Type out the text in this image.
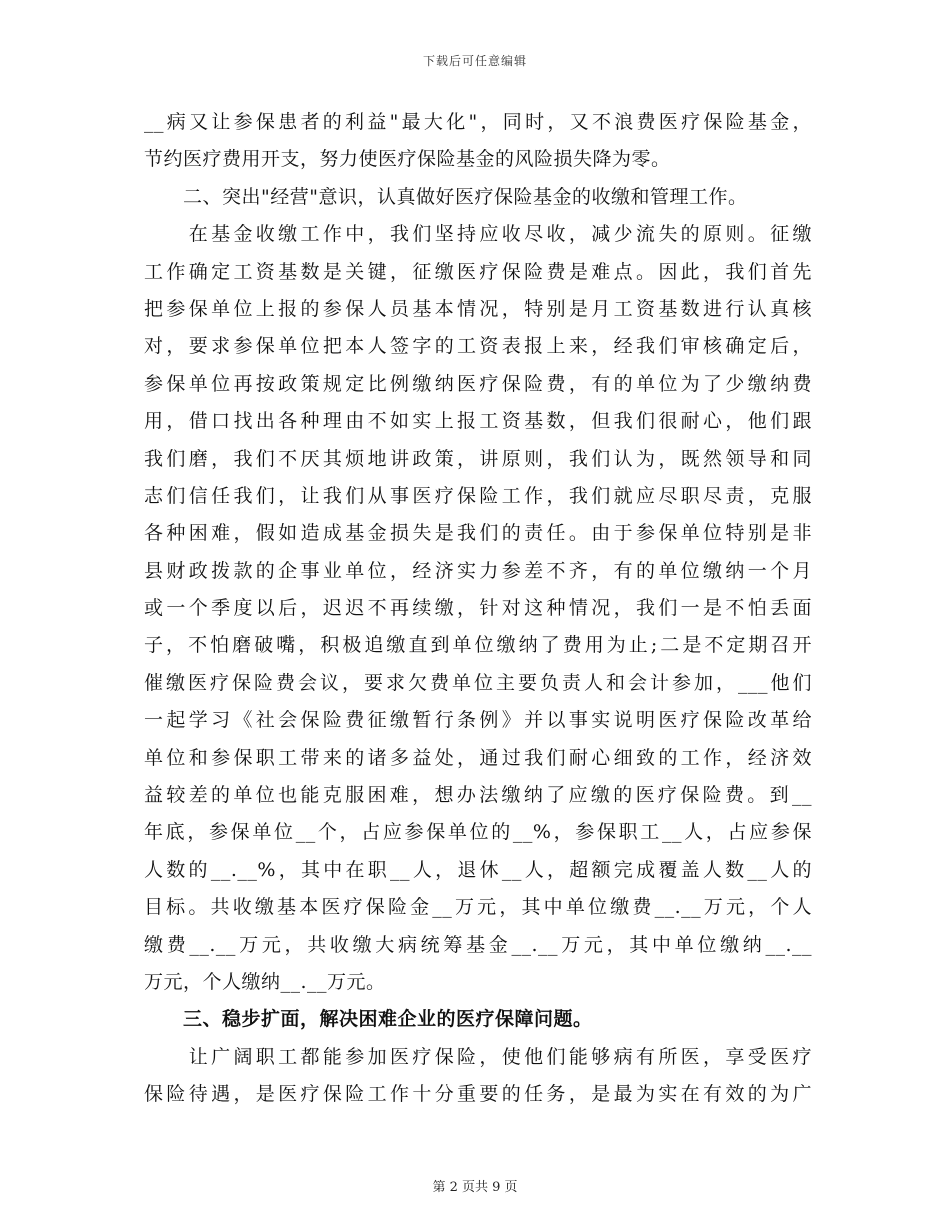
下载后可任意编辑
__病又让参保患者的利益"最大化"，同时，又不浪费医疗保险基金，
节约医疗费用开支，努力使医疗保险基金的风险损失降为零。
　　二、突出"经营"意识，认真做好医疗保险基金的收缴和管理工作。
　　在基金收缴工作中，我们坚持应收尽收，减少流失的原则。征缴
工作确定工资基数是关键，征缴医疗保险费是难点。因此，我们首先
把参保单位上报的参保人员基本情况，特别是月工资基数进行认真核
对，要求参保单位把本人签字的工资表报上来，经我们审核确定后，
参保单位再按政策规定比例缴纳医疗保险费，有的单位为了少缴纳费
用，借口找出各种理由不如实上报工资基数，但我们很耐心，他们跟
我们磨，我们不厌其烦地讲政策，讲原则，我们认为，既然领导和同
志们信任我们，让我们从事医疗保险工作，我们就应尽职尽责，克服
各种困难，假如造成基金损失是我们的责任。由于参保单位特别是非
县财政拨款的企事业单位，经济实力参差不齐，有的单位缴纳一个月
或一个季度以后，迟迟不再续缴，针对这种情况，我们一是不怕丢面
子，不怕磨破嘴，积极追缴直到单位缴纳了费用为止;二是不定期召开
催缴医疗保险费会议，要求欠费单位主要负责人和会计参加，___他们
一起学习《社会保险费征缴暂行条例》并以事实说明医疗保险改革给
单位和参保职工带来的诸多益处，通过我们耐心细致的工作，经济效
益较差的单位也能克服困难，想办法缴纳了应缴的医疗保险费。到__
年底，参保单位__个，占应参保单位的__%，参保职工__人，占应参保
人数的__.__%，其中在职__人，退休__人，超额完成覆盖人数__人的
目标。共收缴基本医疗保险金__万元，其中单位缴费__.__万元，个人
缴费__.__万元，共收缴大病统筹基金__.__万元，其中单位缴纳__.__
万元，个人缴纳__.__万元。
　　三、稳步扩面，解决困难企业的医疗保障问题。
　　让广阔职工都能参加医疗保险，使他们能够病有所医，享受医疗
保险待遇，是医疗保险工作十分重要的任务，是最为实在有效的为广
第 2 页共 9 页
